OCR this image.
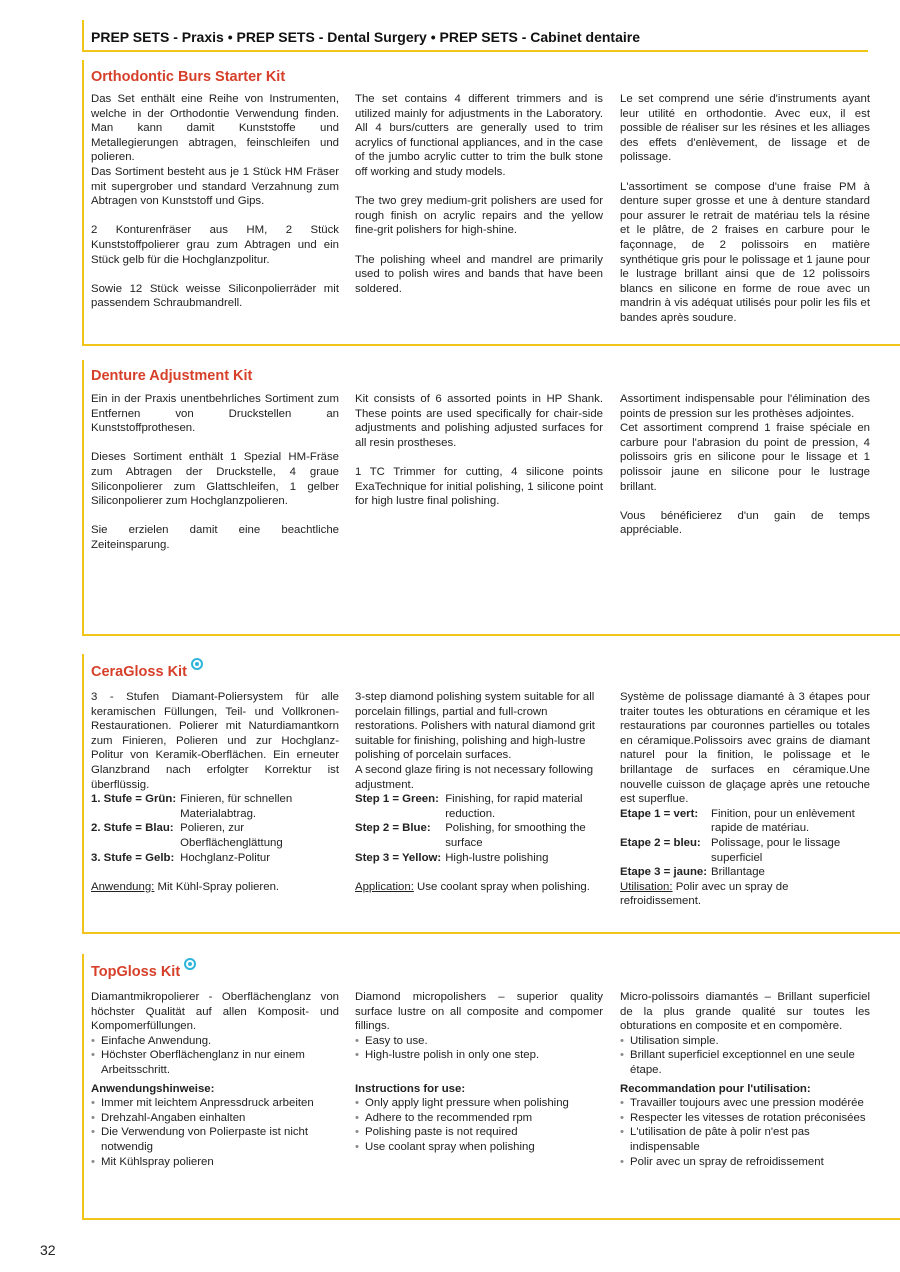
PREP SETS - Praxis • PREP SETS - Dental Surgery • PREP SETS - Cabinet dentaire
Orthodontic Burs Starter Kit

Das Set enthält eine Reihe von Instrumenten, welche in der Orthodontie Verwendung finden. Man kann damit Kunststoffe und Metallegierungen abtragen, feinschleifen und polieren.

Das Sortiment besteht aus je 1 Stück HM Fräser mit supergrober und standard Verzahnung zum Abtragen von Kunststoff und Gips.

2 Konturenfräser aus HM, 2 Stück Kunststoffpolierer grau zum Abtragen und ein Stück gelb für die Hochglanzpolitur.

Sowie 12 Stück weisse Siliconpolierräder mit passendem Schraubmandrell.

The set contains 4 different trimmers and is utilized mainly for adjustments in the Laboratory. All 4 burs/cutters are generally used to trim acrylics of functional appliances, and in the case of the jumbo acrylic cutter to trim the bulk stone off working and study models.

The two grey medium-grit polishers are used for rough finish on acrylic repairs and the yellow fine-grit polishers for high-shine.

The polishing wheel and mandrel are primarily used to polish wires and bands that have been soldered.

Le set comprend une série d'instruments ayant leur utilité en orthodontie. Avec eux, il est possible de réaliser sur les résines et les alliages des effets d'enlèvement, de lissage et de polissage.

L'assortiment se compose d'une fraise PM à denture super grosse et une à denture standard pour assurer le retrait de matériau tels la résine et le plâtre, de 2 fraises en carbure pour le façonnage, de 2 polissoirs en matière synthétique gris pour le polissage et 1 jaune pour le lustrage brillant ainsi que de 12 polissoirs blancs en silicone en forme de roue avec un mandrin à vis adéquat utilisés pour polir les fils et bandes après soudure.

Denture Adjustment Kit

Ein in der Praxis unentbehrliches Sortiment zum Entfernen von Druckstellen an Kunststoffprothesen.

Dieses Sortiment enthält 1 Spezial HM-Fräse zum Abtragen der Druckstelle, 4 graue Siliconpolierer zum Glattschleifen, 1 gelber Siliconpolierer zum Hochglanzpolieren.

Sie erzielen damit eine beachtliche Zeiteinsparung.

Kit consists of 6 assorted points in HP Shank. These points are used specifically for chair-side adjustments and polishing adjusted surfaces for all resin prostheses.

1 TC Trimmer for cutting, 4 silicone points ExaTechnique for initial polishing, 1 silicone point for high lustre final polishing.

Assortiment indispensable pour l'élimination des points de pression sur les prothèses adjointes.

Cet assortiment comprend 1 fraise spéciale en carbure pour l'abrasion du point de pression, 4 polissoirs gris en silicone pour le lissage et 1 polissoir jaune en silicone pour le lustrage brillant.

Vous bénéficierez d'un gain de temps appréciable.

CeraGloss Kit

3 - Stufen Diamant-Poliersystem für alle keramischen Füllungen, Teil- und Vollkronen-Restaurationen. Polierer mit Naturdiamantkorn zum Finieren, Polieren und zur Hochglanz-Politur von Keramik-Oberflächen. Ein erneuter Glanzbrand nach erfolgter Korrektur ist überflüssig.

1. Stufe = Grün:	Finieren, für schnellen Materialabtrag.
2. Stufe = Blau:	Polieren, zur Oberflächenglättung
3. Stufe = Gelb:	Hochglanz-Politur

Anwendung: Mit Kühl-Spray polieren.

3-step diamond polishing system suitable for all porcelain fillings, partial and full-crown restorations. Polishers with natural diamond grit suitable for finishing, polishing and high-lustre polishing of porcelain surfaces.

A second glaze firing is not necessary following adjustment.

Step 1 = Green:	Finishing, for rapid material reduction.
Step 2 = Blue:	Polishing, for smoothing the surface
Step 3 = Yellow:	High-lustre polishing

Application: Use coolant spray when polishing.

Système de polissage diamanté à 3 étapes pour traiter toutes les obturations en céramique et les restaurations par couronnes partielles ou totales en céramique.Polissoirs avec grains de diamant naturel pour la finition, le polissage et le brillantage de surfaces en céramique.Une nouvelle cuisson de glaçage après une retouche est superflue.

Etape 1 = vert:	Finition, pour un enlèvement rapide de matériau.
Etape 2 = bleu:	Polissage, pour le lissage superficiel
Etape 3 = jaune:	Brillantage

Utilisation: Polir avec un spray de refroidissement.

TopGloss Kit

Diamantmikropolierer - Oberflächenglanz von höchster Qualität auf allen Komposit- und Kompomerfüllungen.

• Einfache Anwendung.
• Höchster Oberflächenglanz in nur einem Arbeitsschritt.

Anwendungshinweise:

• Immer mit leichtem Anpressdruck arbeiten
• Drehzahl-Angaben einhalten
• Die Verwendung von Polierpaste ist nicht notwendig
• Mit Kühlspray polieren

Diamond micropolishers – superior quality surface lustre on all composite and compomer fillings.

• Easy to use.
• High-lustre polish in only one step.

Instructions for use:

• Only apply light pressure when polishing
• Adhere to the recommended rpm
• Polishing paste is not required
• Use coolant spray when polishing

Micro-polissoirs diamantés – Brillant superficiel de la plus grande qualité sur toutes les obturations en composite et en compomère.

• Utilisation simple.
• Brillant superficiel exceptionnel en une seule étape.

Recommandation pour l'utilisation:

• Travailler toujours avec une pression modérée
• Respecter les vitesses de rotation préconisées
• L'utilisation de pâte à polir n'est pas indispensable
• Polir avec un spray de refroidissement
32
